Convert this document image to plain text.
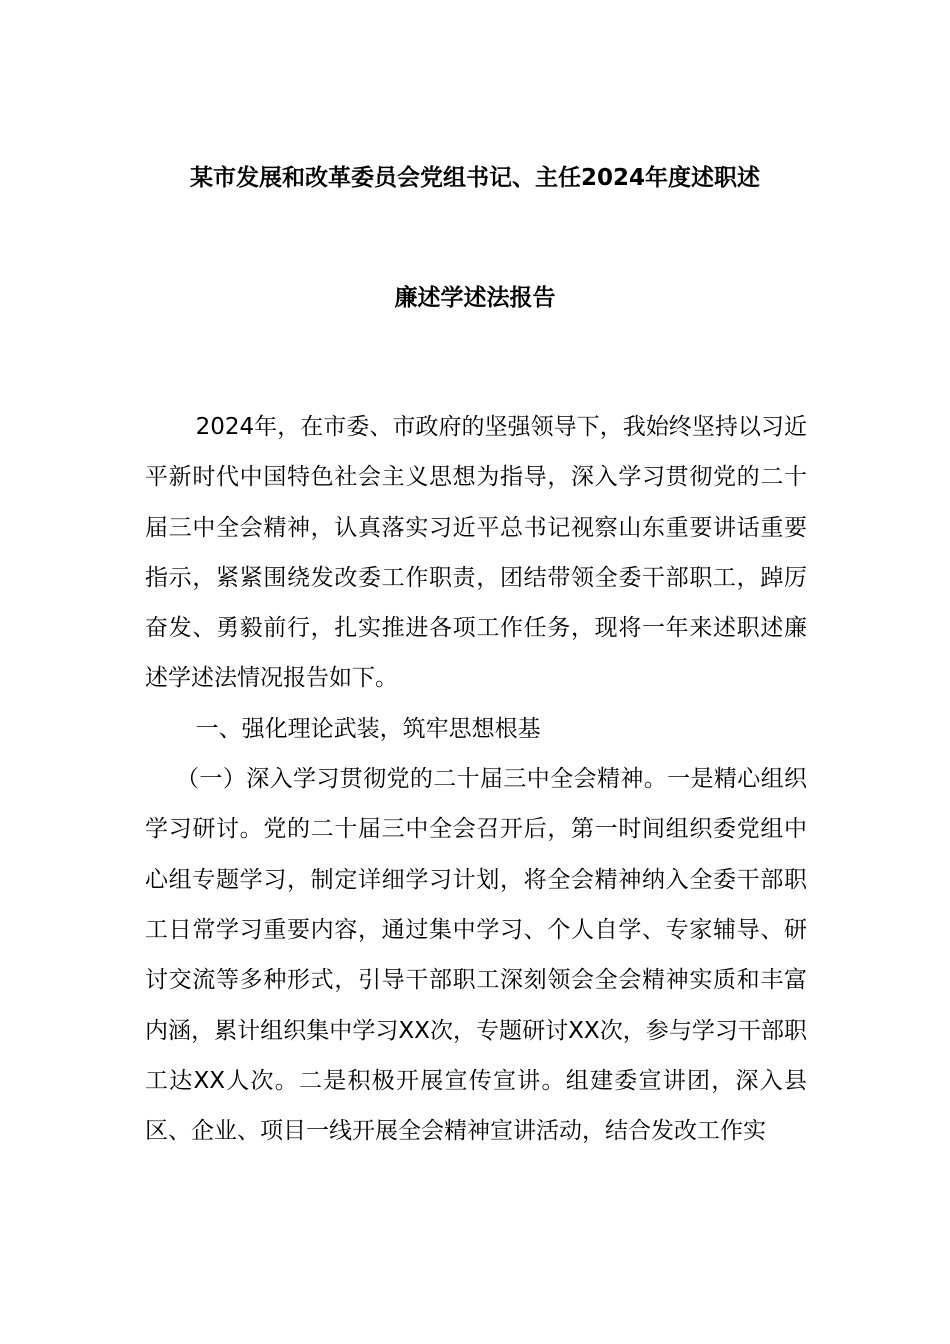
某市发展和改革委员会党组书记、主任2024年度述职述
廉述学述法报告

2024年，在市委、市政府的坚强领导下，我始终坚持以习近平新时代中国特色社会主义思想为指导，深入学习贯彻党的二十届三中全会精神，认真落实习近平总书记视察山东重要讲话重要指示，紧紧围绕发改委工作职责，团结带领全委干部职工，踔厉奋发、勇毅前行，扎实推进各项工作任务，现将一年来述职述廉述学述法情况报告如下。

一、强化理论武装，筑牢思想根基

（一）深入学习贯彻党的二十届三中全会精神。一是精心组织学习研讨。党的二十届三中全会召开后，第一时间组织委党组中心组专题学习，制定详细学习计划，将全会精神纳入全委干部职工日常学习重要内容，通过集中学习、个人自学、专家辅导、研讨交流等多种形式，引导干部职工深刻领会全会精神实质和丰富内涵，累计组织集中学习XX次，专题研讨XX次，参与学习干部职工达XX人次。二是积极开展宣传宣讲。组建委宣讲团，深入县区、企业、项目一线开展全会精神宣讲活动，结合发改工作实
